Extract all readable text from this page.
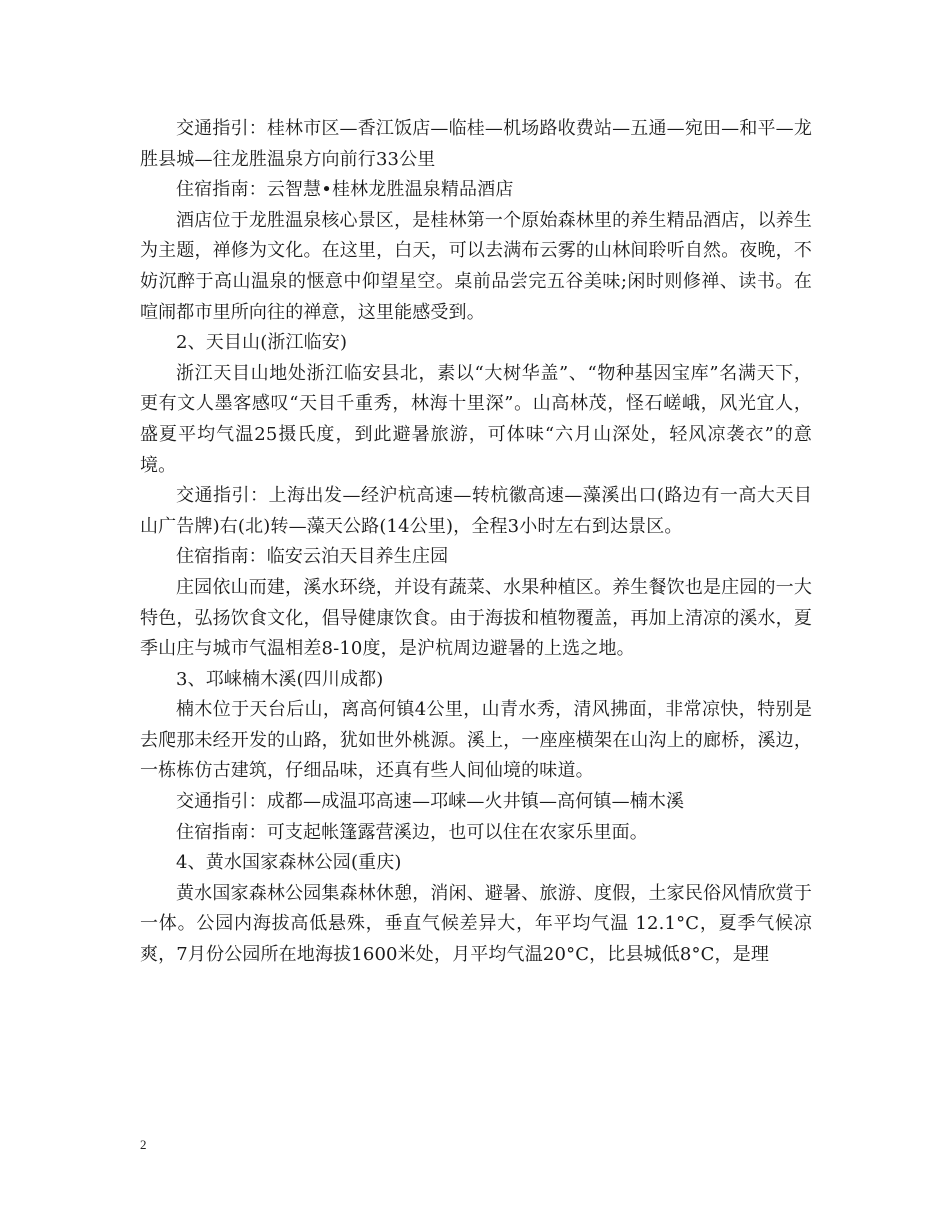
交通指引：桂林市区—香江饭店—临桂—机场路收费站—五通—宛田—和平—龙胜县城—往龙胜温泉方向前行33公里

住宿指南：云智慧•桂林龙胜温泉精品酒店

酒店位于龙胜温泉核心景区，是桂林第一个原始森林里的养生精品酒店，以养生为主题，禅修为文化。在这里，白天，可以去满布云雾的山林间聆听自然。夜晚，不妨沉醉于高山温泉的惬意中仰望星空。桌前品尝完五谷美味;闲时则修禅、读书。在喧闹都市里所向往的禅意，这里能感受到。

2、天目山(浙江临安)

浙江天目山地处浙江临安县北，素以“大树华盖”、“物种基因宝库”名满天下，更有文人墨客感叹“天目千重秀，林海十里深”。山高林茂，怪石嵯峨，风光宜人，盛夏平均气温25摄氏度，到此避暑旅游，可体味“六月山深处，轻风凉袭衣”的意境。

交通指引：上海出发—经沪杭高速—转杭徽高速—藻溪出口(路边有一高大天目山广告牌)右(北)转—藻天公路(14公里)，全程3小时左右到达景区。

住宿指南：临安云泊天目养生庄园

庄园依山而建，溪水环绕，并设有蔬菜、水果种植区。养生餐饮也是庄园的一大特色，弘扬饮食文化，倡导健康饮食。由于海拔和植物覆盖，再加上清凉的溪水，夏季山庄与城市气温相差8-10度，是沪杭周边避暑的上选之地。

3、邛崃楠木溪(四川成都)

楠木位于天台后山，离高何镇4公里，山青水秀，清风拂面，非常凉快，特别是去爬那未经开发的山路，犹如世外桃源。溪上，一座座横架在山沟上的廊桥，溪边，一栋栋仿古建筑，仔细品味，还真有些人间仙境的味道。

交通指引：成都—成温邛高速—邛崃—火井镇—高何镇—楠木溪

住宿指南：可支起帐篷露营溪边，也可以住在农家乐里面。

4、黄水国家森林公园(重庆)

黄水国家森林公园集森林休憩，消闲、避暑、旅游、度假，土家民俗风情欣赏于一体。公园内海拔高低悬殊，垂直气候差异大，年平均气温 12.1°C，夏季气候凉爽，7月份公园所在地海拔1600米处，月平均气温20°C，比县城低8°C，是理

2
